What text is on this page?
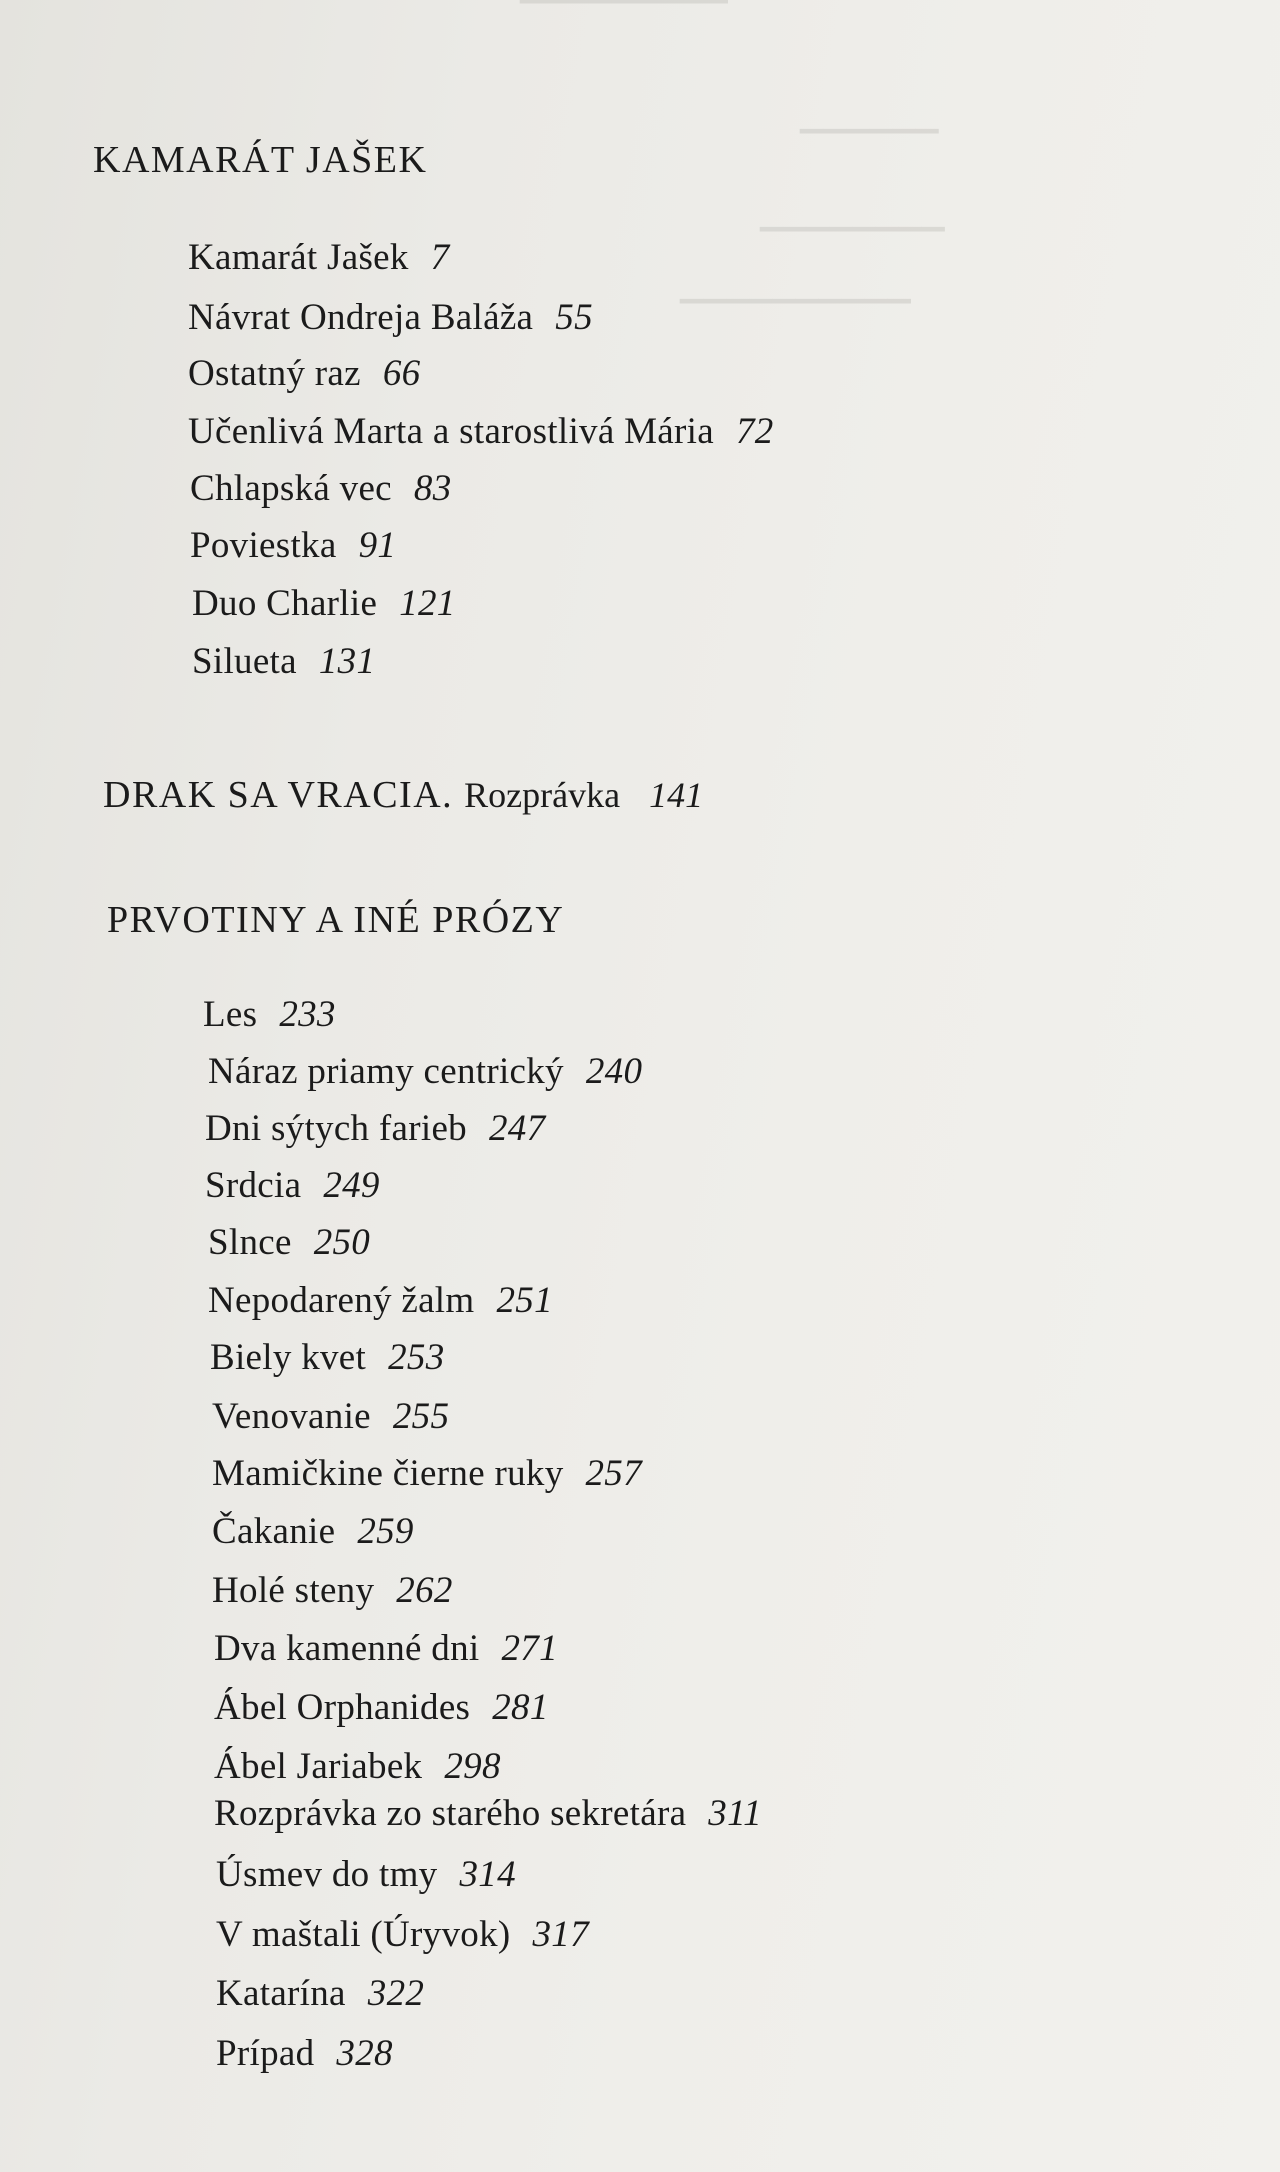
▔▔▔▔▔▔▔▔▔
▔▔▔▔▔▔
▔▔▔▔▔▔▔▔
▔▔▔▔▔▔▔▔▔▔
KAMARÁT JAŠEK
Kamarát Jašek 7
Návrat Ondreja Baláža 55
Ostatný raz 66
Učenlivá Marta a starostlivá Mária 72
Chlapská vec 83
Poviestka 91
Duo Charlie 121
Silueta 131
DRAK SA VRACIA. Rozprávka 141
PRVOTINY A INÉ PRÓZY
Les 233
Náraz priamy centrický 240
Dni sýtych farieb 247
Srdcia 249
Slnce 250
Nepodarený žalm 251
Biely kvet 253
Venovanie 255
Mamičkine čierne ruky 257
Čakanie 259
Holé steny 262
Dva kamenné dni 271
Ábel Orphanides 281
Ábel Jariabek 298
Rozprávka zo starého sekretára 311
Úsmev do tmy 314
V maštali (Úryvok) 317
Katarína 322
Prípad 328
